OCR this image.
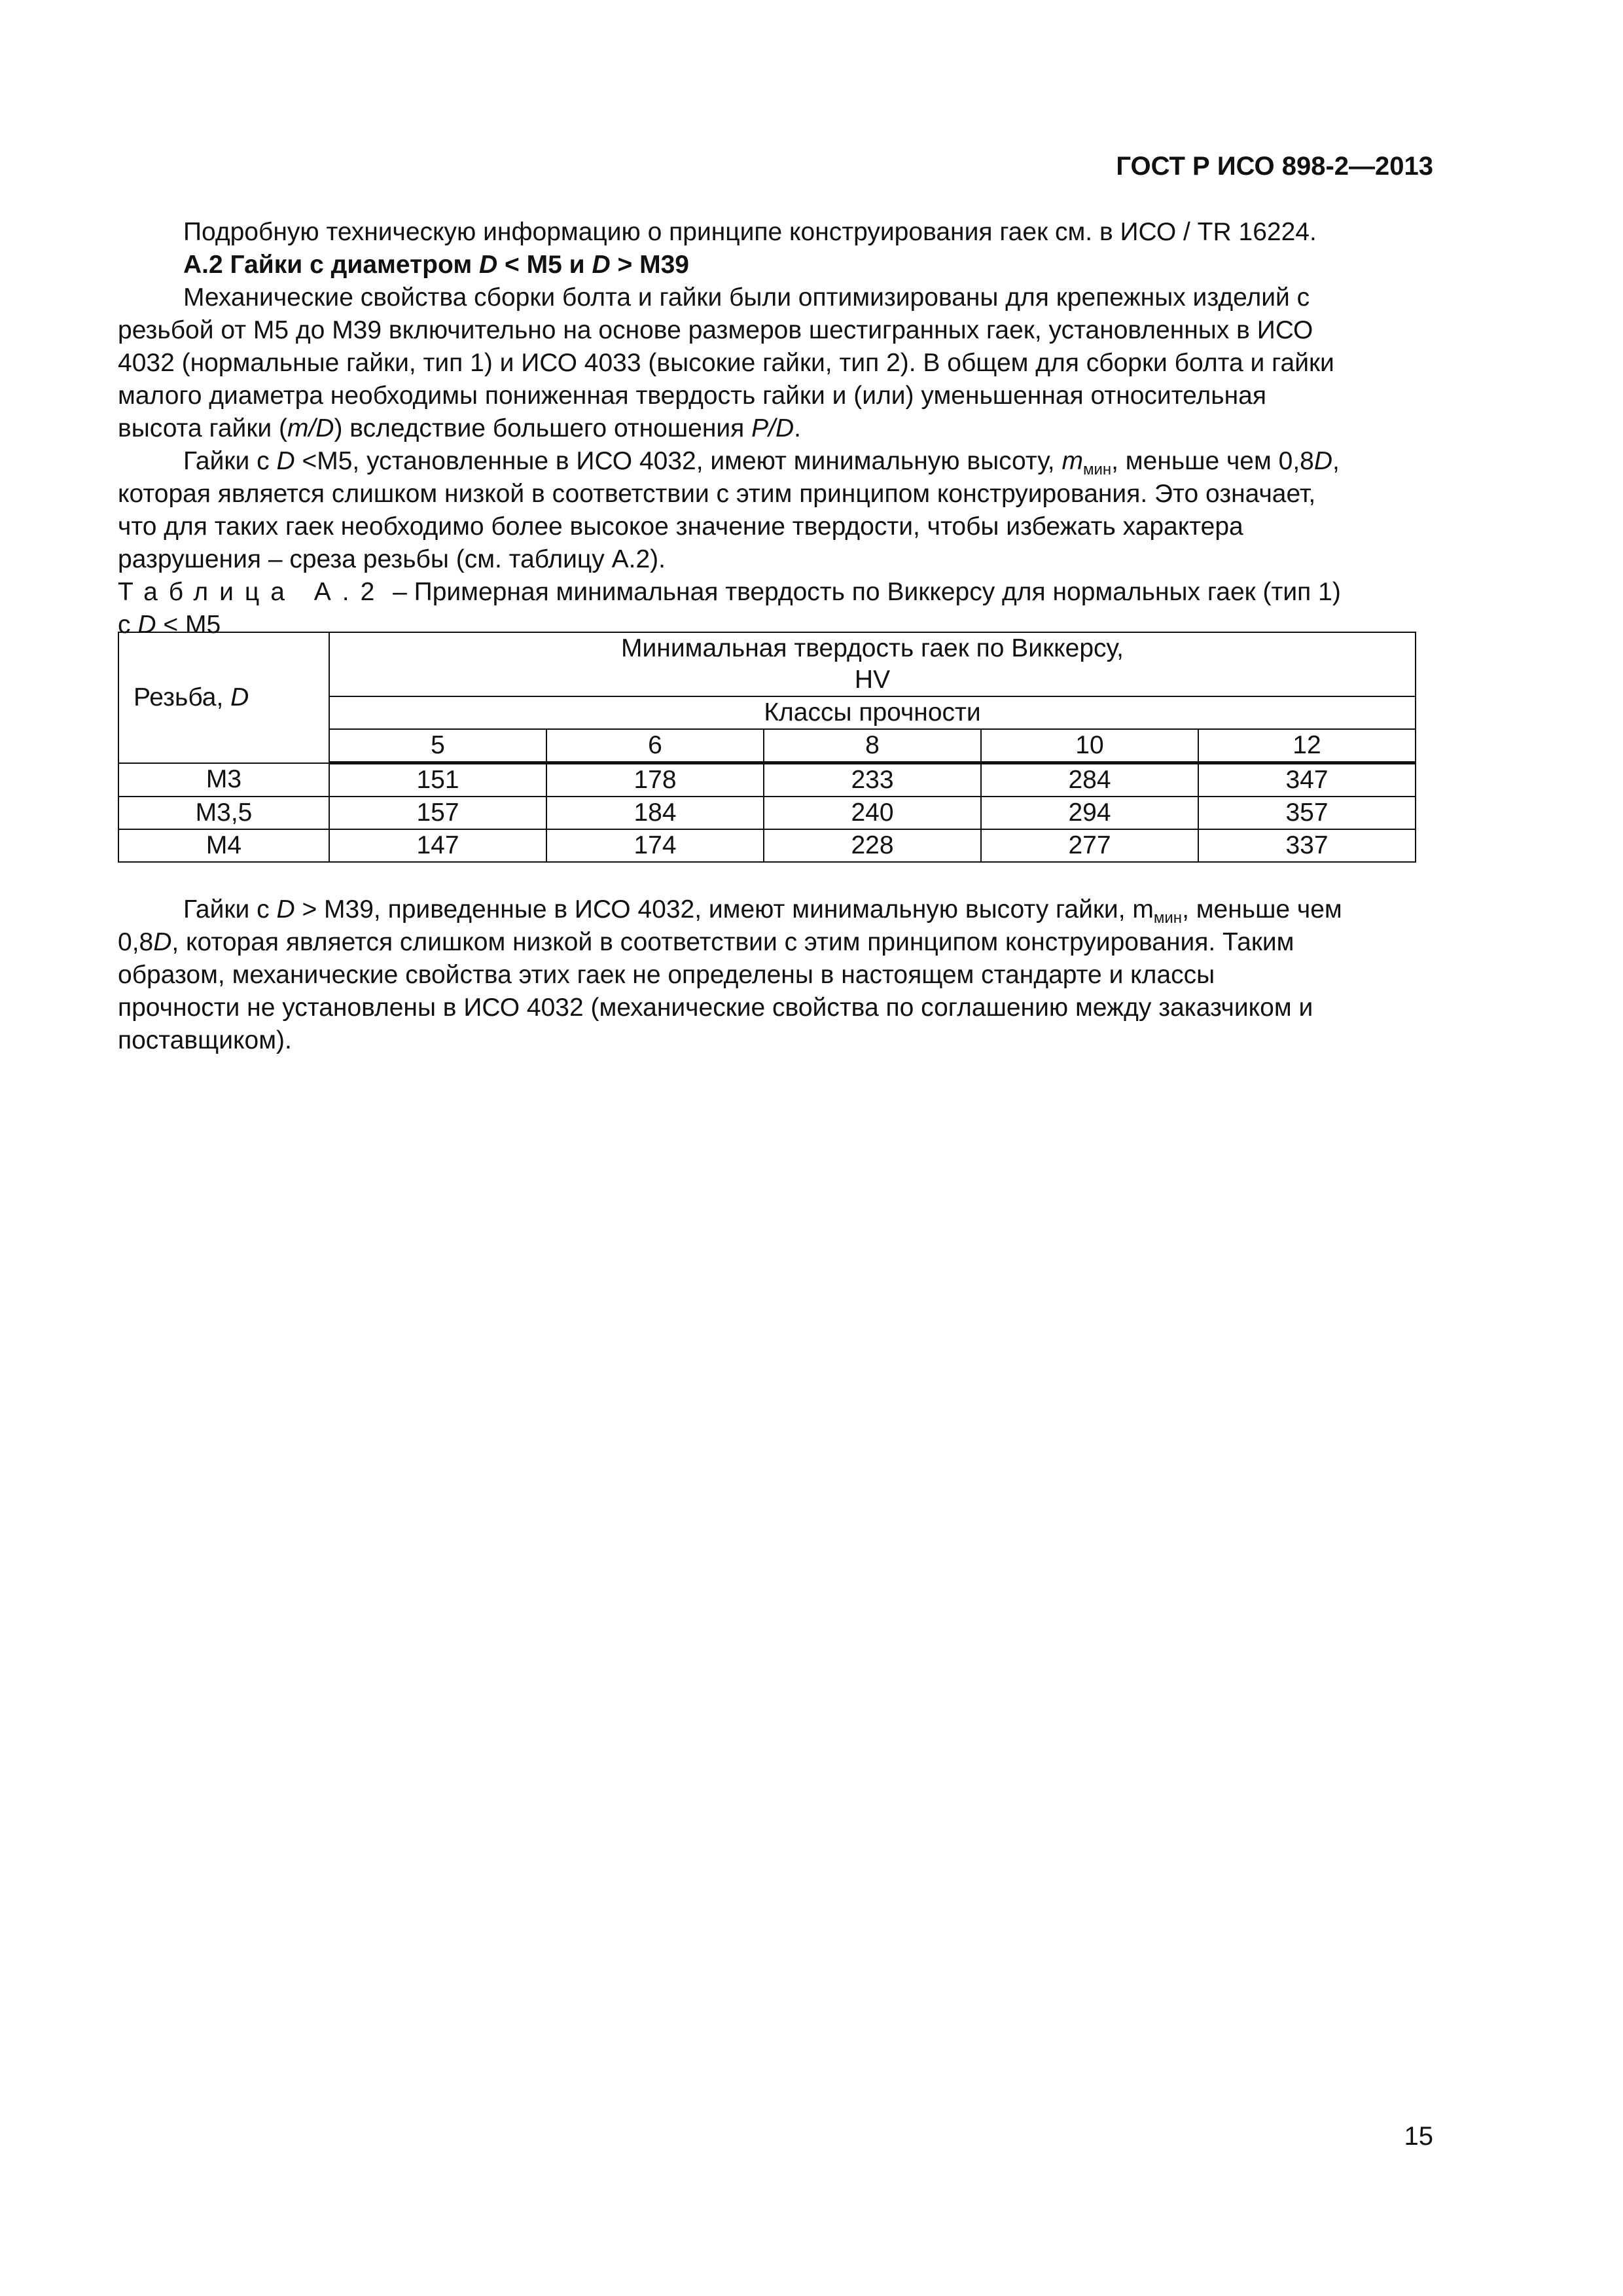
ГОСТ Р ИСО 898-2—2013
Подробную техническую информацию о принципе конструирования гаек см. в ИСО / TR 16224.
А.2 Гайки с диаметром D < М5 и D > М39
Механические свойства сборки болта и гайки были оптимизированы для крепежных изделий с
резьбой от М5 до М39 включительно на основе размеров шестигранных гаек, установленных в ИСО
4032 (нормальные гайки, тип 1) и ИСО 4033 (высокие гайки, тип 2). В общем для сборки болта и гайки
малого диаметра необходимы пониженная твердость гайки и (или) уменьшенная относительная
высота гайки (m/D) вследствие большего отношения P/D.
Гайки с D <М5, установленные в ИСО 4032, имеют минимальную высоту, $m_{мин}$, меньше чем 0,8D,
которая является слишком низкой в соответствии с этим принципом конструирования. Это означает,
что для таких гаек необходимо более высокое значение твердости, чтобы избежать характера
разрушения – среза резьбы (см. таблицу А.2).
Таблица А.2 – Примерная минимальная твердость по Виккерсу для нормальных гаек (тип 1)
с D < М5
Резьба, D	Минимальная твердость гаек по Виккерсу,
HV				

	Классы прочности				
	5	6	8	10	12
М3	151	178	233	284	347
М3,5	157	184	240	294	357
М4	147	174	228	277	337
Гайки с D > М39, приведенные в ИСО 4032, имеют минимальную высоту гайки, $m_{мин}$, меньше чем
0,8D, которая является слишком низкой в соответствии с этим принципом конструирования. Таким
образом, механические свойства этих гаек не определены в настоящем стандарте и классы
прочности не установлены в ИСО 4032 (механические свойства по соглашению между заказчиком и
поставщиком).
15
